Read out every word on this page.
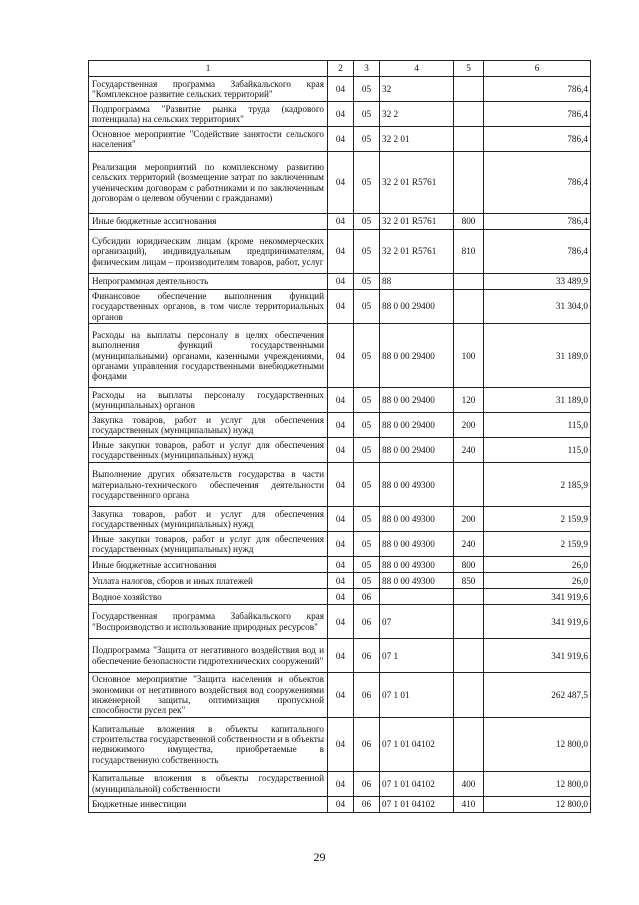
1	2	3	4	5	6
Государственная программа Забайкальского края "Комплексное развитие сельских территорий"	04	05	32		786,4
Подпрограмма "Развитие рынка труда (кадрового потенциала) на сельских территориях"	04	05	32 2		786,4
Основное мероприятие "Содействие занятости сельского населения"	04	05	32 2 01		786,4
Реализация мероприятий по комплексному развитию сельских территорий (возмещение затрат по заключенным ученическим договорам с работниками и по заключенным договорам о целевом обучении с гражданами)	04	05	32 2 01 R5761		786,4
Иные бюджетные ассигнования	04	05	32 2 01 R5761	800	786,4
Субсидии юридическим лицам (кроме некоммерческих организаций), индивидуальным предпринимателям, физическим лицам – производителям товаров, работ, услуг	04	05	32 2 01 R5761	810	786,4
Непрограммная деятельность	04	05	88		33 489,9
Финансовое обеспечение выполнения функций государственных органов, в том числе территориальных органов	04	05	88 0 00 29400		31 304,0
Расходы на выплаты персоналу в целях обеспечения выполнения функций государственными (муниципальными) органами, казенными учреждениями, органами управления государственными внебюджетными фондами	04	05	88 0 00 29400	100	31 189,0
Расходы на выплаты персоналу государственных (муниципальных) органов	04	05	88 0 00 29400	120	31 189,0
Закупка товаров, работ и услуг для обеспечения государственных (муниципальных) нужд	04	05	88 0 00 29400	200	115,0
Иные закупки товаров, работ и услуг для обеспечения государственных (муниципальных) нужд	04	05	88 0 00 29400	240	115,0
Выполнение других обязательств государства в части материально-технического обеспечения деятельности государственного органа	04	05	88 0 00 49300		2 185,9
Закупка товаров, работ и услуг для обеспечения государственных (муниципальных) нужд	04	05	88 0 00 49300	200	2 159,9
Иные закупки товаров, работ и услуг для обеспечения государственных (муниципальных) нужд	04	05	88 0 00 49300	240	2 159,9
Иные бюджетные ассигнования	04	05	88 0 00 49300	800	26,0
Уплата налогов, сборов и иных платежей	04	05	88 0 00 49300	850	26,0
Водное хозяйство	04	06			341 919,6
Государственная программа Забайкальского края "Воспроизводство и использование природных ресурсов"	04	06	07		341 919,6
Подпрограмма "Защита от негативного воздействия вод и обеспечение безопасности гидротехнических сооружений"	04	06	07 1		341 919,6
Основное мероприятие "Защита населения и объектов экономики от негативного воздействия вод сооружениями инженерной защиты, оптимизация пропускной способности русел рек"	04	06	07 1 01		262 487,5
Капитальные вложения в объекты капитального строительства государственной собственности и в объекты недвижимого имущества, приобретаемые в государственную собственность	04	06	07 1 01 04102		12 800,0
Капитальные вложения в объекты государственной (муниципальной) собственности	04	06	07 1 01 04102	400	12 800,0
Бюджетные инвестиции	04	06	07 1 01 04102	410	12 800,0
29
